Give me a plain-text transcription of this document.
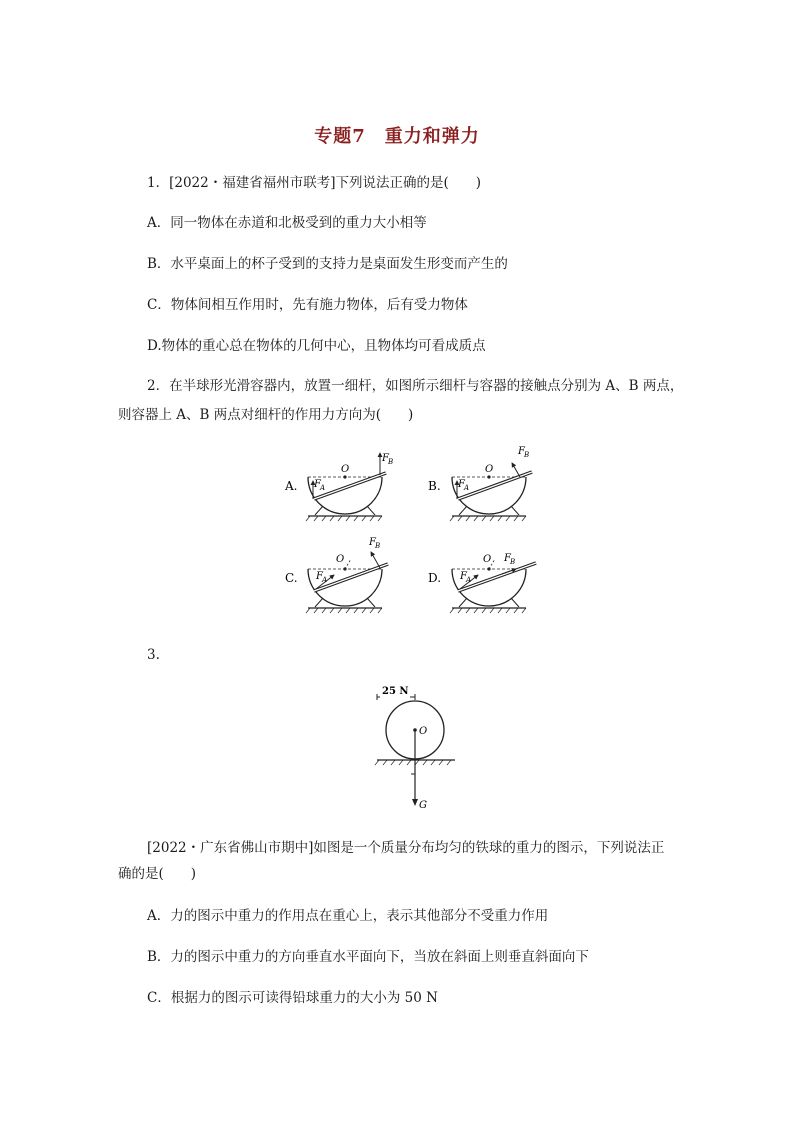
专题7　重力和弹力
1．[2022・福建省福州市联考]下列说法正确的是(　　)
A．同一物体在赤道和北极受到的重力大小相等
B．水平桌面上的杯子受到的支持力是桌面发生形变而产生的
C．物体间相互作用时，先有施力物体，后有受力物体
D.物体的重心总在物体的几何中心，且物体均可看成质点
2．在半球形光滑容器内，放置一细杆，如图所示细杆与容器的接触点分别为 A、B 两点，
则容器上 A、B 两点对细杆的作用力方向为(　　)
A.
O
F A
F B
B.
O
F A
F B
C.
O
F A
F B
D.
O
F A
F B
3.
25 N
O
G
[2022・广东省佛山市期中]如图是一个质量分布均匀的铁球的重力的图示，下列说法正
确的是(　　)
A．力的图示中重力的作用点在重心上，表示其他部分不受重力作用
B．力的图示中重力的方向垂直水平面向下，当放在斜面上则垂直斜面向下
C．根据力的图示可读得铅球重力的大小为 50 N
